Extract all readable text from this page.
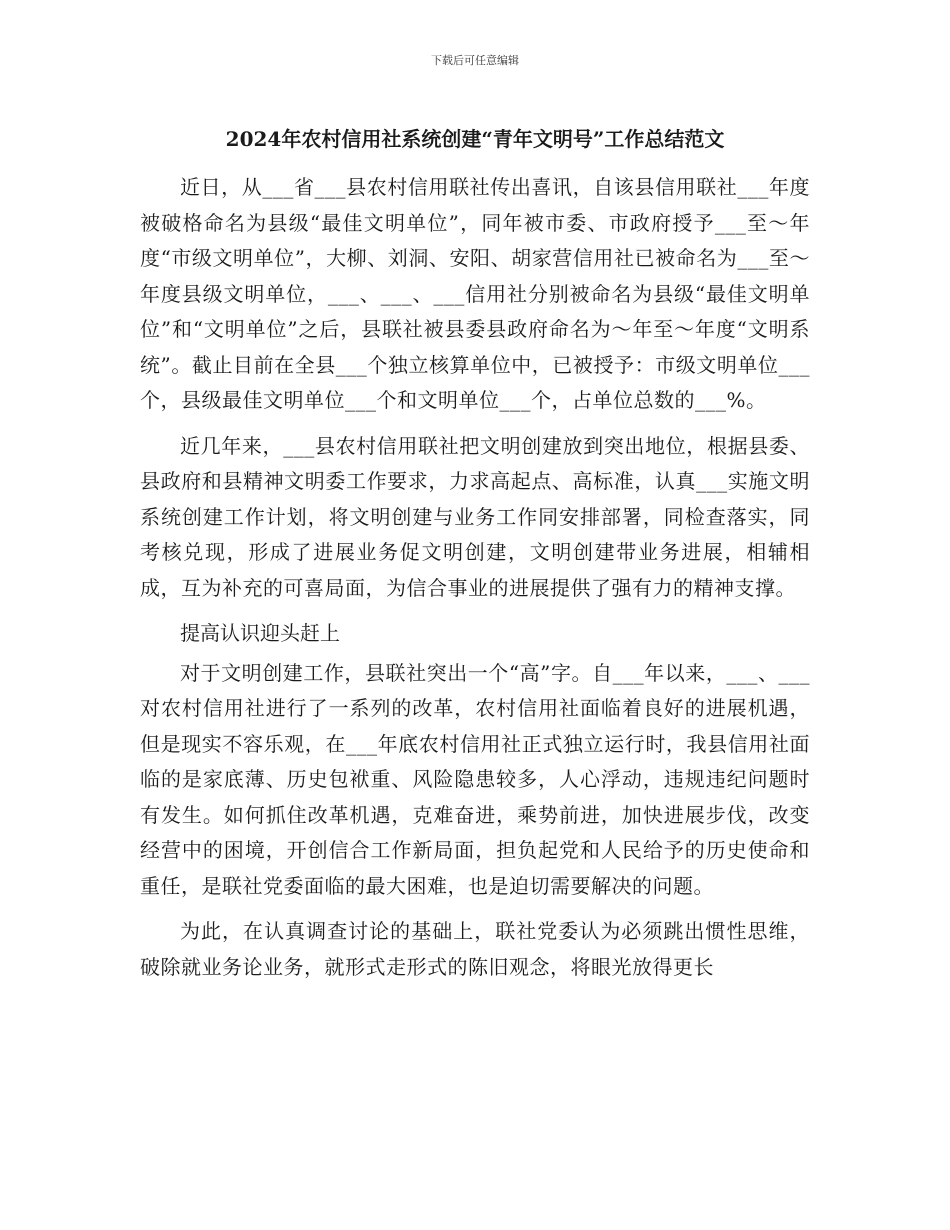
下载后可任意编辑
2024年农村信用社系统创建“青年文明号”工作总结范文

近日，从___省___县农村信用联社传出喜讯，自该县信用联社___年度被破格命名为县级“最佳文明单位”，同年被市委、市政府授予___至～年度“市级文明单位”，大柳、刘洞、安阳、胡家营信用社已被命名为___至～年度县级文明单位，___、___、___信用社分别被命名为县级“最佳文明单位”和“文明单位”之后，县联社被县委县政府命名为～年至～年度“文明系统”。截止目前在全县___个独立核算单位中，已被授予：市级文明单位___个，县级最佳文明单位___个和文明单位___个，占单位总数的___%。

近几年来，___县农村信用联社把文明创建放到突出地位，根据县委、县政府和县精神文明委工作要求，力求高起点、高标准，认真___实施文明系统创建工作计划，将文明创建与业务工作同安排部署，同检查落实，同考核兑现，形成了进展业务促文明创建，文明创建带业务进展，相辅相成，互为补充的可喜局面，为信合事业的进展提供了强有力的精神支撑。

提高认识迎头赶上

对于文明创建工作，县联社突出一个“高”字。自___年以来，___、___对农村信用社进行了一系列的改革，农村信用社面临着良好的进展机遇，但是现实不容乐观，在___年底农村信用社正式独立运行时，我县信用社面临的是家底薄、历史包袱重、风险隐患较多，人心浮动，违规违纪问题时有发生。如何抓住改革机遇，克难奋进，乘势前进，加快进展步伐，改变经营中的困境，开创信合工作新局面，担负起党和人民给予的历史使命和重任，是联社党委面临的最大困难，也是迫切需要解决的问题。

为此，在认真调查讨论的基础上，联社党委认为必须跳出惯性思维，破除就业务论业务，就形式走形式的陈旧观念，将眼光放得更长
